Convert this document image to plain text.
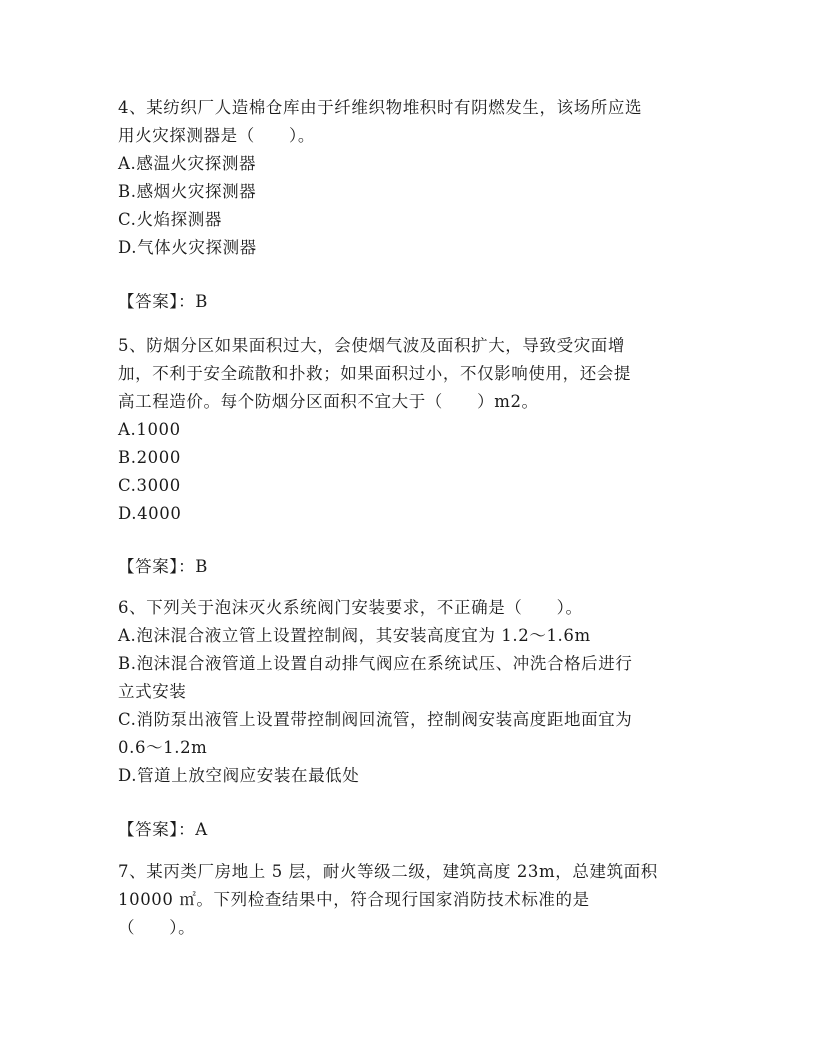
4、某纺织厂人造棉仓库由于纤维织物堆积时有阴燃发生，该场所应选
用火灾探测器是（　　）。
A.感温火灾探测器
B.感烟火灾探测器
C.火焰探测器
D.气体火灾探测器
【答案】：B
5、防烟分区如果面积过大，会使烟气波及面积扩大，导致受灾面增
加，不利于安全疏散和扑救；如果面积过小，不仅影响使用，还会提
高工程造价。每个防烟分区面积不宜大于（　　）m2。
A.1000
B.2000
C.3000
D.4000
【答案】：B
6、下列关于泡沫灭火系统阀门安装要求，不正确是（　　）。
A.泡沫混合液立管上设置控制阀，其安装高度宜为 1.2～1.6m
B.泡沫混合液管道上设置自动排气阀应在系统试压、冲洗合格后进行
立式安装
C.消防泵出液管上设置带控制阀回流管，控制阀安装高度距地面宜为
0.6～1.2m
D.管道上放空阀应安装在最低处
【答案】：A
7、某丙类厂房地上 5 层，耐火等级二级，建筑高度 23m，总建筑面积
10000 ㎡。下列检查结果中，符合现行国家消防技术标准的是
（　　）。
